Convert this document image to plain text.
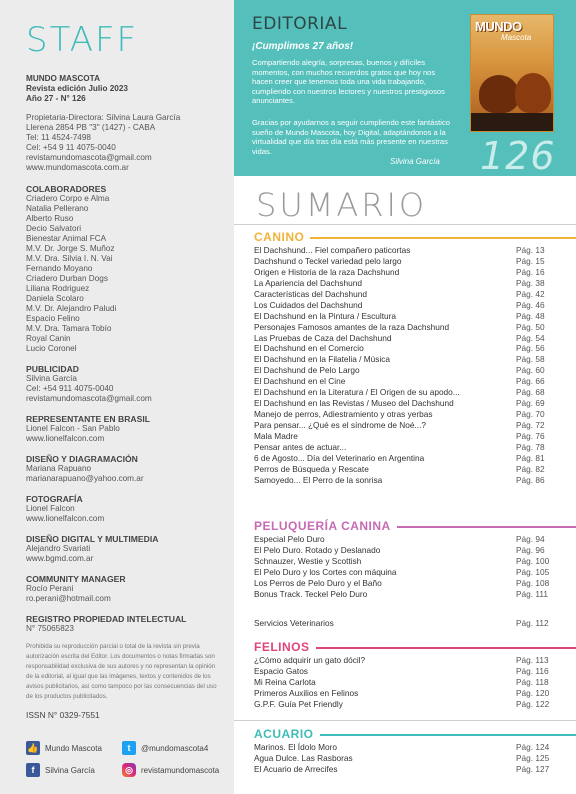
STAFF
MUNDO MASCOTA
Revista edición Julio 2023
Año 27 - N° 126
Propietaria-Directora: Silvina Laura García
Llerena 2854 PB "3" (1427) - CABA
Tel: 11 4524-7498
Cel: +54 9 11 4075-0040
revistamundomascota@gmail.com
www.mundomascota.com.ar
COLABORADORES
Criadero Corpo e Alma
Natalia Pellerano
Alberto Ruso
Decio Salvatori
Bienestar Animal FCA
M.V. Dr. Jorge S. Muñoz
M.V. Dra. Silvia I. N. Vai
Fernando Moyano
Criadero Durban Dogs
Liliana Rodriguez
Daniela Scolaro
M.V. Dr. Alejandro Paludi
Espacio Felino
M.V. Dra. Tamara Tobío
Royal Canin
Lucio Coronel
PUBLICIDAD
Silvina García
Cel: +54 911 4075-0040
revistamundomascota@gmail.com
REPRESENTANTE EN BRASIL
Lionel Falcon - San Pablo
www.lionelfalcon.com
DISEÑO Y DIAGRAMACIÓN
Mariana Rapuano
marianarapuano@yahoo.com.ar
FOTOGRAFÍA
Lionel Falcon
www.lionelfalcon.com
DISEÑO DIGITAL Y MULTIMEDIA
Alejandro Svariati
www.bgmd.com.ar
COMMUNITY MANAGER
Rocío Perani
ro.perani@hotmail.com
REGISTRO PROPIEDAD INTELECTUAL
N° 75065823
Prohibida su reproducción parcial o total de la revista sin previa autorización escrita del Editor. Los documentos o notas firmadas son responsabilidad exclusiva de sus autores y no representan la opinión de la editorial, al igual que las imágenes, textos y contenidos de los avisos publicitarios, así como tampoco por las consecuencias del uso de los productos publicitados.
ISSN N° 0329-7551
👍 Mundo Mascota	t	@mundomascota4
f	Silvina García	◎	revistamundomascota
EDITORIAL
¡Cumplimos 27 años!
Compartiendo alegría, sorpresas, buenos y difíciles momentos, con muchos recuerdos gratos que hoy nos hacen creer que tenemos toda una vida trabajando, cumpliendo con nuestros lectores y nuestros prestigiosos anunciantes.
Gracias por ayudarnos a seguir cumpliendo este fantástico sueño de Mundo Mascota, hoy Digital, adaptándonos a la virtualidad que día tras día está más presente en nuestras vidas.
Silvina García
MUNDO
Mascota
126
SUMARIO
CANINO
El Dachshund... Fiel compañero paticortas	Pág. 13
Dachshund o Teckel variedad pelo largo	Pág. 15
Origen e Historia de la raza Dachshund	Pág. 16
La Apariencia del Dachshund	Pág. 38
Características del Dachshund	Pág. 42
Los Cuidados del Dachshund	Pág. 46
El Dachshund en la Pintura / Escultura	Pág. 48
Personajes Famosos amantes de la raza Dachshund	Pág. 50
Las Pruebas de Caza del Dachshund	Pág. 54
El Dachshund en el Comercio	Pág. 56
El Dachshund en la Filatelia / Música	Pág. 58
El Dachshund de Pelo Largo	Pág. 60
El Dachshund en el Cine	Pág. 66
El Dachshund en la Literatura / El Origen de su apodo...	Pág. 68
El Dachshund en las Revistas / Museo del Dachshund	Pág. 69
Manejo de perros, Adiestramiento y otras yerbas	Pág. 70
Para pensar... ¿Qué es el síndrome de Noé...?	Pág. 72
Mala Madre	Pág. 76
Pensar antes de actuar...	Pág. 78
6 de Agosto... Día del Veterinario en Argentina	Pág. 81
Perros de Búsqueda y Rescate	Pág. 82
Samoyedo... El Perro de la sonrisa	Pág. 86
PELUQUERÍA CANINA
Especial Pelo Duro	Pág. 94
El Pelo Duro. Rotado y Deslanado	Pág. 96
Schnauzer, Westie y Scottish	Pág. 100
El Pelo Duro y los Cortes con máquina	Pág. 105
Los Perros de Pelo Duro y el Baño	Pág. 108
Bonus Track. Teckel Pelo Duro	Pág. 111
Servicios Veterinarios	Pág. 112
FELINOS
¿Cómo adquirir un gato dócil?	Pág. 113
Espacio Gatos	Pág. 116
Mi Reina Carlota	Pág. 118
Primeros Auxilios en Felinos	Pág. 120
G.P.F. Guía Pet Friendly	Pág. 122
ACUARIO
Marinos. El Ídolo Moro	Pág. 124
Agua Dulce. Las Rasboras	Pág. 125
El Acuario de Arrecifes	Pág. 127
